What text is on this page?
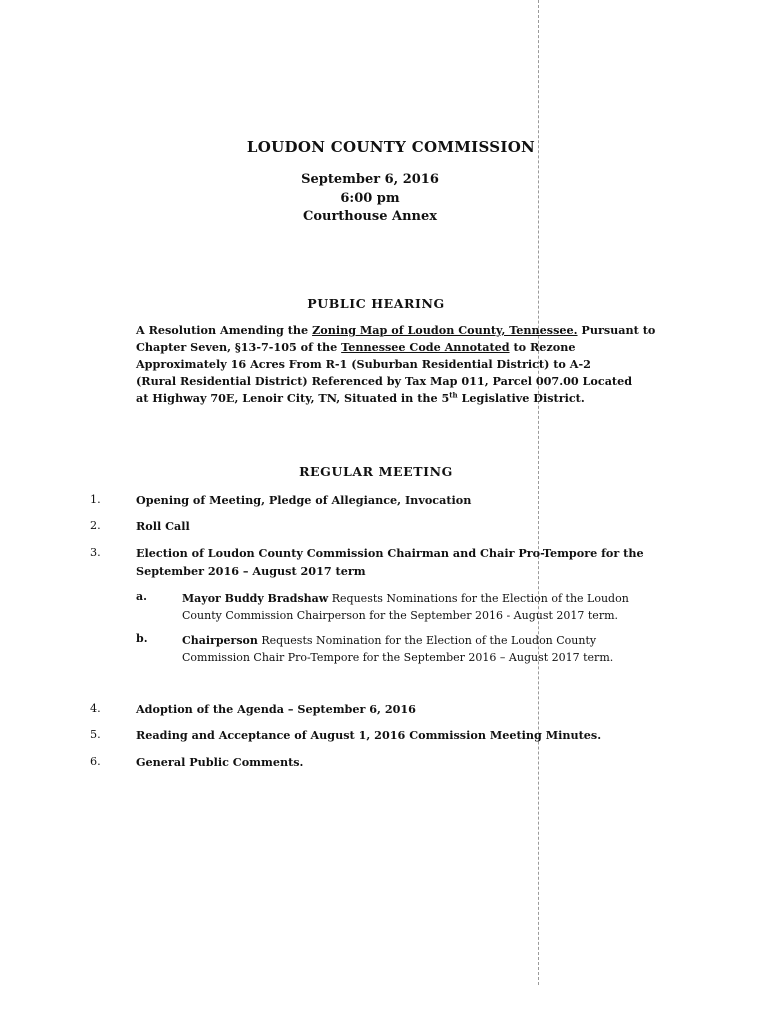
LOUDON COUNTY COMMISSION
September 6, 2016
6:00 pm
Courthouse Annex
PUBLIC HEARING
A Resolution Amending the Zoning Map of Loudon County, Tennessee. Pursuant to
Chapter Seven, §13-7-105 of the Tennessee Code Annotated to Rezone
Approximately 16 Acres From R-1 (Suburban Residential District) to A-2
(Rural Residential District) Referenced by Tax Map 011, Parcel 007.00 Located
at Highway 70E, Lenoir City, TN, Situated in the 5th Legislative District.
REGULAR MEETING
1.	Opening of Meeting, Pledge of Allegiance, Invocation
2.	Roll Call
3.	Election of Loudon County Commission Chairman and Chair Pro-Tempore for the
September 2016 – August 2017 term
a.	Mayor Buddy Bradshaw Requests Nominations for the Election of the Loudon
County Commission Chairperson for the September 2016 - August 2017 term.
b.	Chairperson Requests Nomination for the Election of the Loudon County
Commission Chair Pro-Tempore for the September 2016 – August 2017 term.
4.	Adoption of the Agenda – September 6, 2016
5.	Reading and Acceptance of August 1, 2016 Commission Meeting Minutes.
6.	General Public Comments.
